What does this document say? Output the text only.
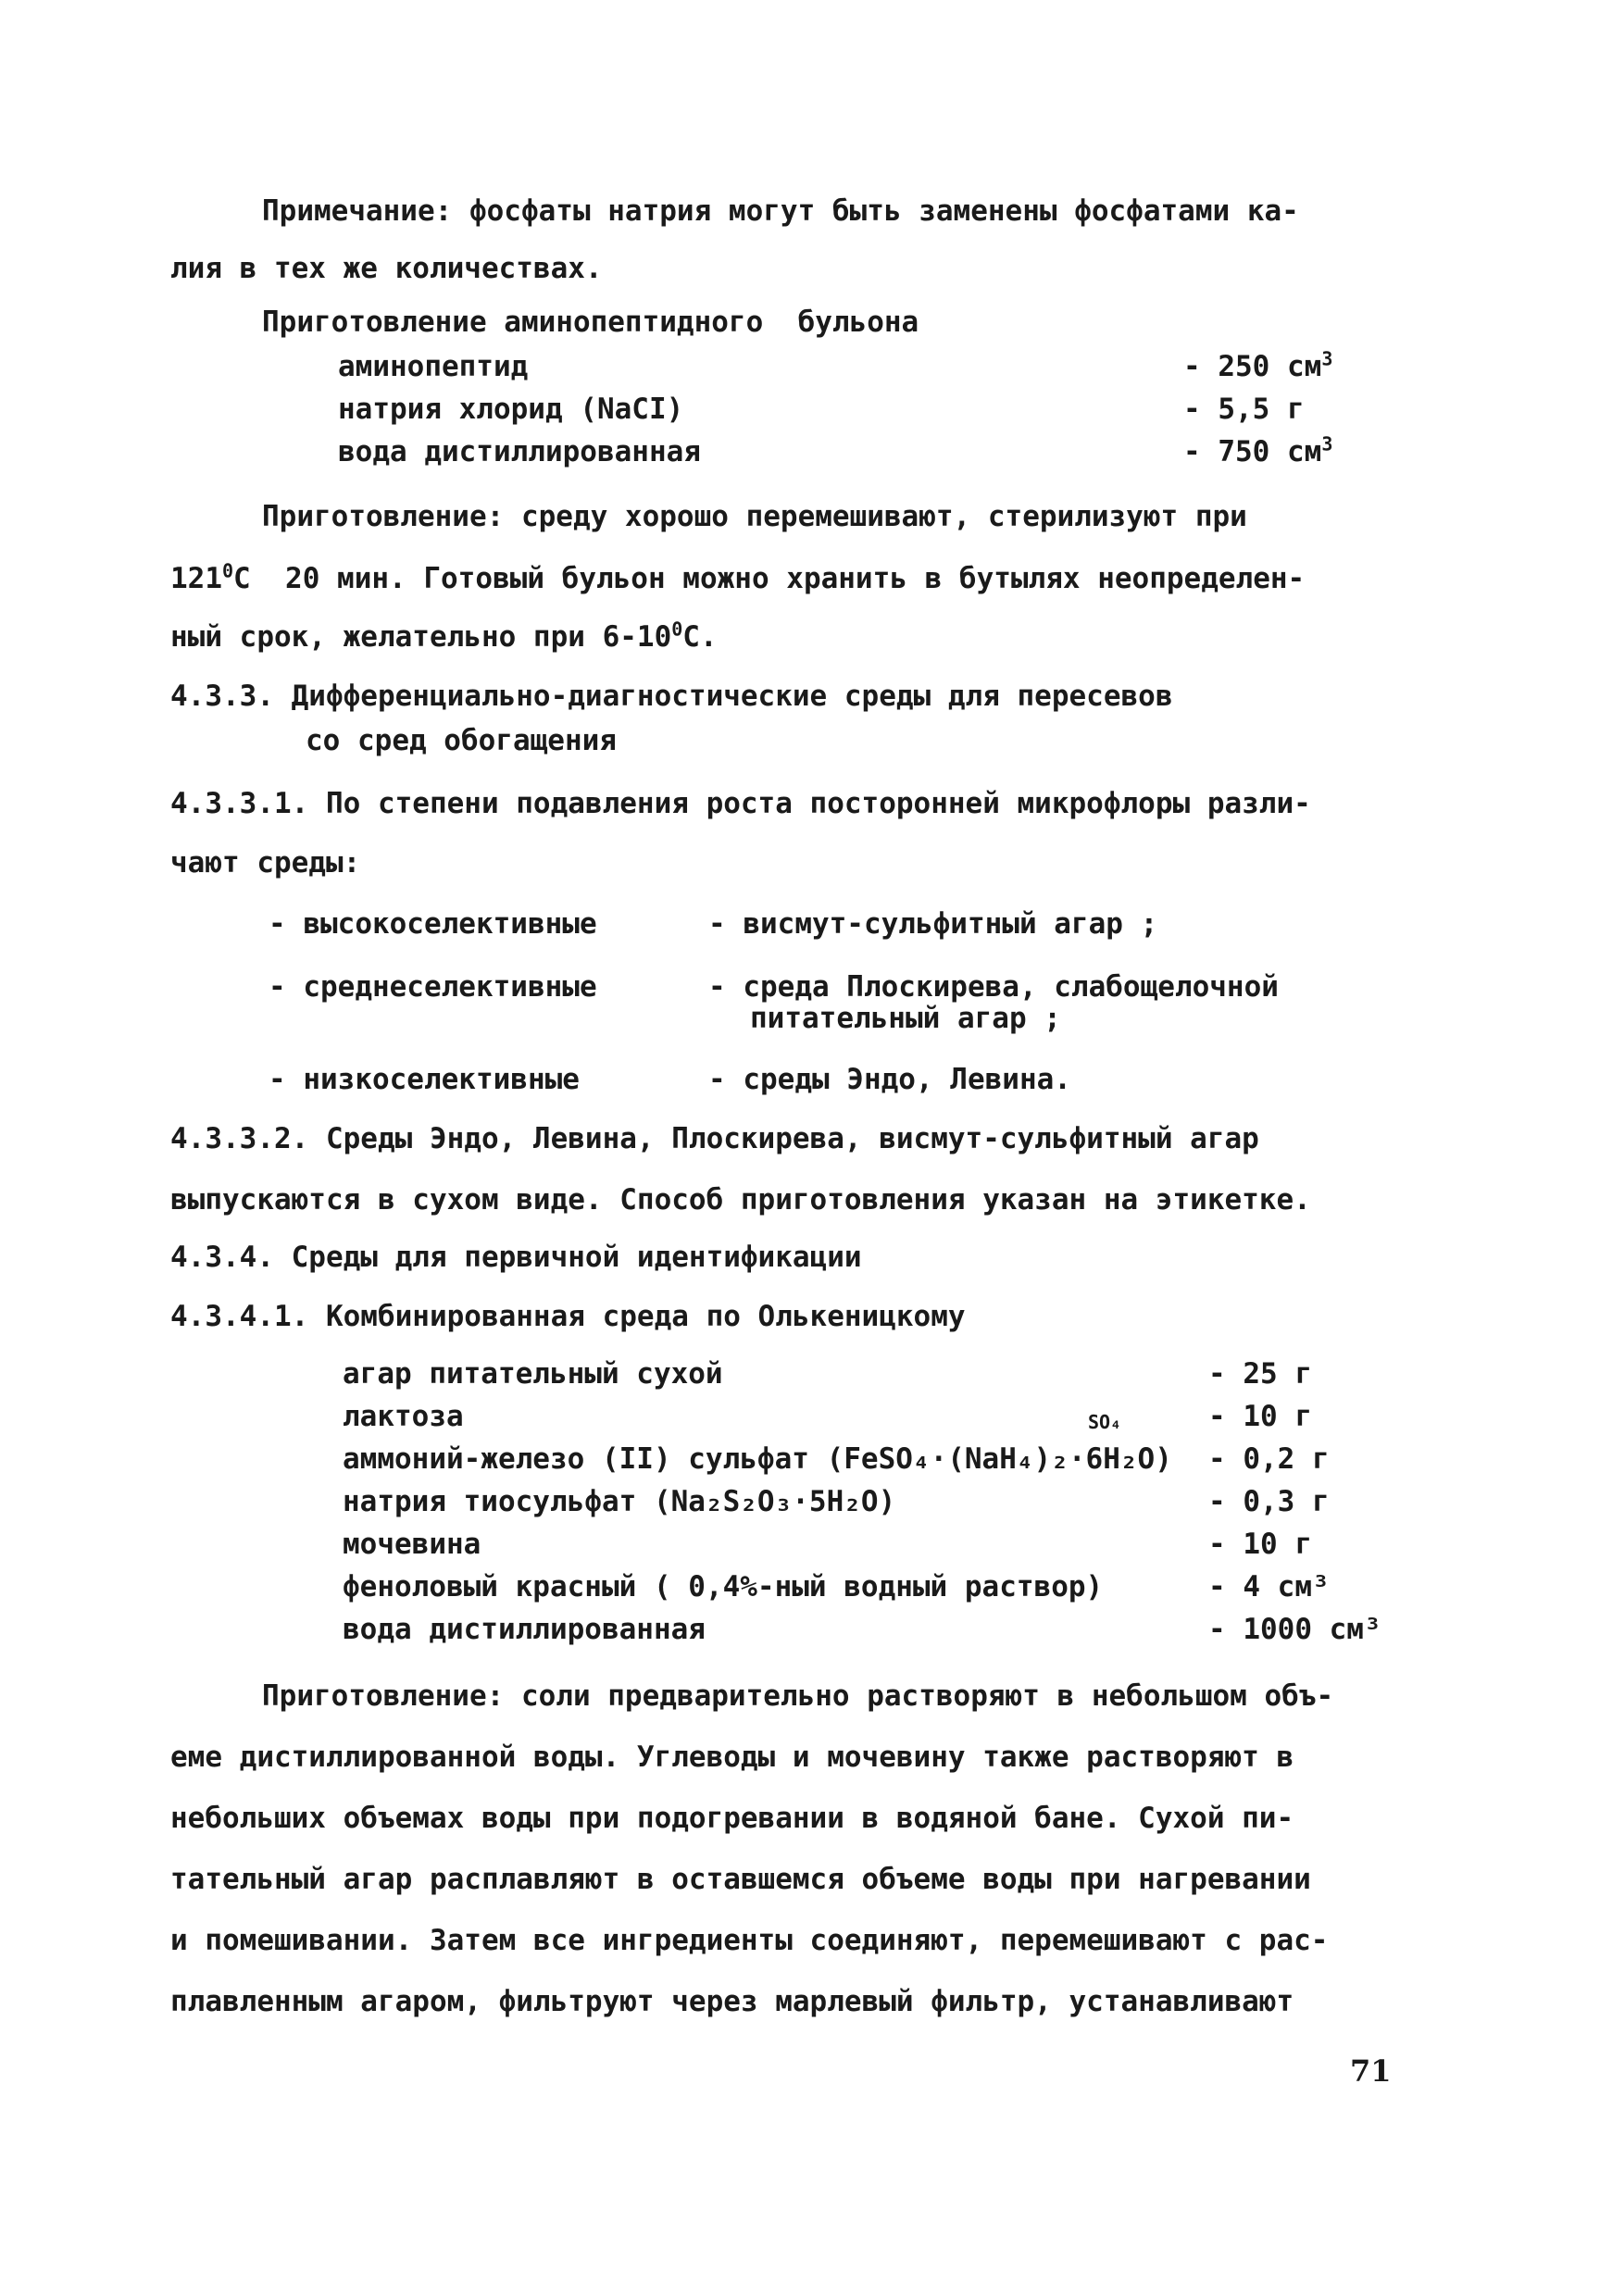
Примечание: фосфаты натрия могут быть заменены фосфатами ка-
лия в тех же количествах.
Приготовление аминопептидного  бульона
аминопептид	- 250 $см^3$
натрия хлорид (NaCI)	- 5,5 г
вода дистиллированная	- 750 $см^3$
Приготовление: среду хорошо перемешивают, стерилизуют при
$121^0С$  20 мин. Готовый бульон можно хранить в бутылях неопределен-
ный срок, желательно при $6-10^0С$.
4.3.3. Дифференциально-диагностические среды для пересевов
со сред обогащения
4.3.3.1. По степени подавления роста посторонней микрофлоры разли-
чают среды:
- высокоселективные	- висмут-сульфитный агар ;
- среднеселективные	- среда Плоскирева, слабощелочной
питательный агар ;
- низкоселективные	- среды Эндо, Левина.
4.3.3.2. Среды Эндо, Левина, Плоскирева, висмут-сульфитный агар
выпускаются в сухом виде. Способ приготовления указан на этикетке.
4.3.4. Среды для первичной идентификации
4.3.4.1. Комбинированная среда по Олькеницкому
SO₄
агар питательный сухой	- 25 г
лактоза	- 10 г
аммоний-железо (II) сульфат (FeSO₄·(NaH₄)₂·6H₂O) - 0,2 г
натрия тиосульфат (Na₂S₂O₃·5H₂O)	- 0,3 г
мочевина	- 10 г
феноловый красный ( 0,4%-ный водный раствор)	- 4 см³
вода дистиллированная	- 1000 см³
Приготовление: соли предварительно растворяют в небольшом объ-
еме дистиллированной воды. Углеводы и мочевину также растворяют в
небольших объемах воды при подогревании в водяной бане. Сухой пи-
тательный агар расплавляют в оставшемся объеме воды при нагревании
и помешивании. Затем все ингредиенты соединяют, перемешивают с рас-
плавленным агаром, фильтруют через марлевый фильтр, устанавливают
71
